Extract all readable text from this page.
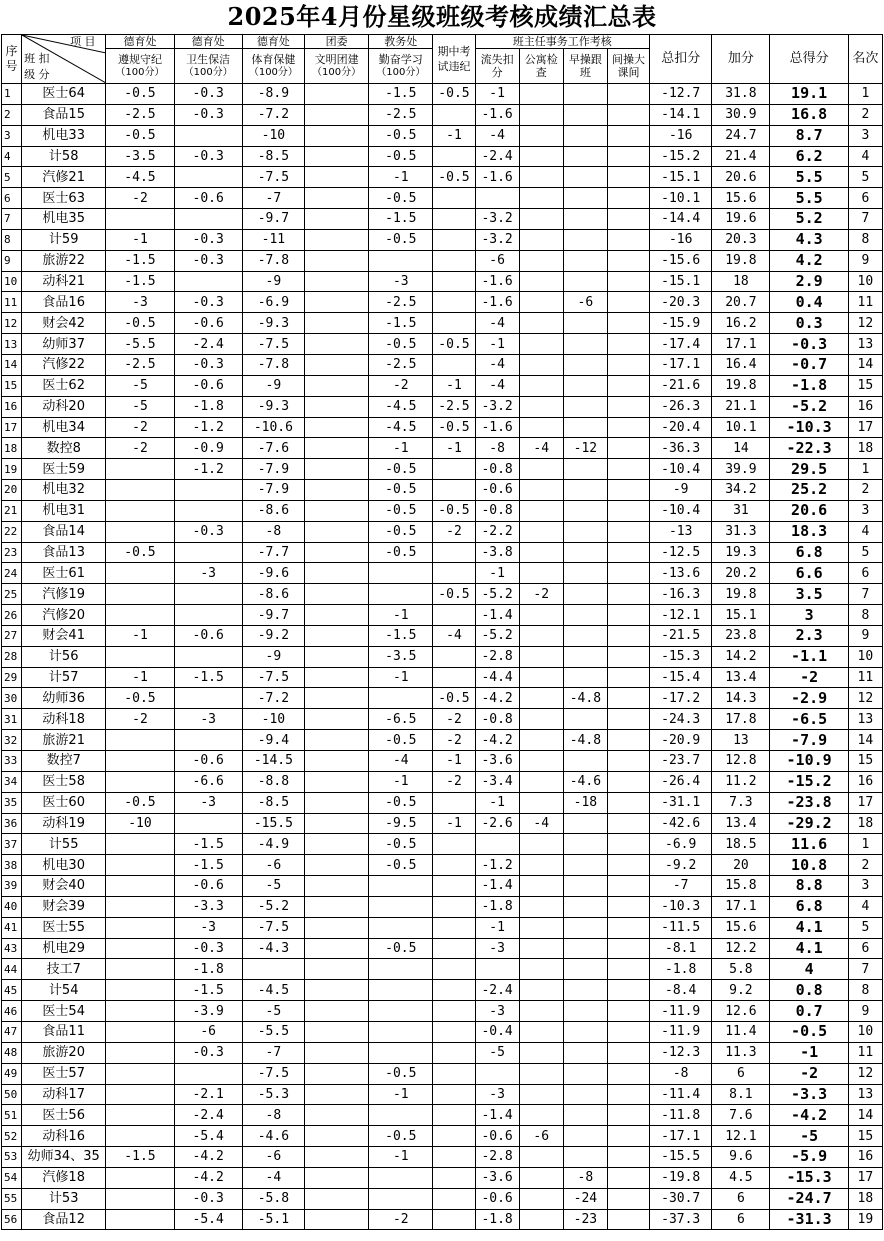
2025年4月份星级班级考核成绩汇总表
序号	项 目
班 扣
级 分	德育处	德育处	德育处	团委	教务处	期中考试违纪	班主任事务工作考核				总扣分	加分	总得分	名次
		遵规守纪
（100分）	卫生保洁
（100分）	体育保健
（100分）	文明团建
（100分）	勤奋学习
（100分）		流失扣分	公寓检查	早操跟班	间操大课间				
1	医士64	-0.5	-0.3	-8.9		-1.5	-0.5	-1				-12.7	31.8	19.1	1
2	食品15	-2.5	-0.3	-7.2		-2.5		-1.6				-14.1	30.9	16.8	2
3	机电33	-0.5		-10		-0.5	-1	-4				-16	24.7	8.7	3
4	计58	-3.5	-0.3	-8.5		-0.5		-2.4				-15.2	21.4	6.2	4
5	汽修21	-4.5		-7.5		-1	-0.5	-1.6				-15.1	20.6	5.5	5
6	医士63	-2	-0.6	-7		-0.5						-10.1	15.6	5.5	6
7	机电35			-9.7		-1.5		-3.2				-14.4	19.6	5.2	7
8	计59	-1	-0.3	-11		-0.5		-3.2				-16	20.3	4.3	8
9	旅游22	-1.5	-0.3	-7.8				-6				-15.6	19.8	4.2	9
10	动科21	-1.5		-9		-3		-1.6				-15.1	18	2.9	10
11	食品16	-3	-0.3	-6.9		-2.5		-1.6		-6		-20.3	20.7	0.4	11
12	财会42	-0.5	-0.6	-9.3		-1.5		-4				-15.9	16.2	0.3	12
13	幼师37	-5.5	-2.4	-7.5		-0.5	-0.5	-1				-17.4	17.1	-0.3	13
14	汽修22	-2.5	-0.3	-7.8		-2.5		-4				-17.1	16.4	-0.7	14
15	医士62	-5	-0.6	-9		-2	-1	-4				-21.6	19.8	-1.8	15
16	动科20	-5	-1.8	-9.3		-4.5	-2.5	-3.2				-26.3	21.1	-5.2	16
17	机电34	-2	-1.2	-10.6		-4.5	-0.5	-1.6				-20.4	10.1	-10.3	17
18	数控8	-2	-0.9	-7.6		-1	-1	-8	-4	-12		-36.3	14	-22.3	18
19	医士59		-1.2	-7.9		-0.5		-0.8				-10.4	39.9	29.5	1
20	机电32			-7.9		-0.5		-0.6				-9	34.2	25.2	2
21	机电31			-8.6		-0.5	-0.5	-0.8				-10.4	31	20.6	3
22	食品14		-0.3	-8		-0.5	-2	-2.2				-13	31.3	18.3	4
23	食品13	-0.5		-7.7		-0.5		-3.8				-12.5	19.3	6.8	5
24	医士61		-3	-9.6				-1				-13.6	20.2	6.6	6
25	汽修19			-8.6			-0.5	-5.2	-2			-16.3	19.8	3.5	7
26	汽修20			-9.7		-1		-1.4				-12.1	15.1	3	8
27	财会41	-1	-0.6	-9.2		-1.5	-4	-5.2				-21.5	23.8	2.3	9
28	计56			-9		-3.5		-2.8				-15.3	14.2	-1.1	10
29	计57	-1	-1.5	-7.5		-1		-4.4				-15.4	13.4	-2	11
30	幼师36	-0.5		-7.2			-0.5	-4.2		-4.8		-17.2	14.3	-2.9	12
31	动科18	-2	-3	-10		-6.5	-2	-0.8				-24.3	17.8	-6.5	13
32	旅游21			-9.4		-0.5	-2	-4.2		-4.8		-20.9	13	-7.9	14
33	数控7		-0.6	-14.5		-4	-1	-3.6				-23.7	12.8	-10.9	15
34	医士58		-6.6	-8.8		-1	-2	-3.4		-4.6		-26.4	11.2	-15.2	16
35	医士60	-0.5	-3	-8.5		-0.5		-1		-18		-31.1	7.3	-23.8	17
36	动科19	-10		-15.5		-9.5	-1	-2.6	-4			-42.6	13.4	-29.2	18
37	计55		-1.5	-4.9		-0.5						-6.9	18.5	11.6	1
38	机电30		-1.5	-6		-0.5		-1.2				-9.2	20	10.8	2
39	财会40		-0.6	-5				-1.4				-7	15.8	8.8	3
40	财会39		-3.3	-5.2				-1.8				-10.3	17.1	6.8	4
41	医士55		-3	-7.5				-1				-11.5	15.6	4.1	5
43	机电29		-0.3	-4.3		-0.5		-3				-8.1	12.2	4.1	6
44	技工7		-1.8									-1.8	5.8	4	7
45	计54		-1.5	-4.5				-2.4				-8.4	9.2	0.8	8
46	医士54		-3.9	-5				-3				-11.9	12.6	0.7	9
47	食品11		-6	-5.5				-0.4				-11.9	11.4	-0.5	10
48	旅游20		-0.3	-7				-5				-12.3	11.3	-1	11
49	医士57			-7.5		-0.5						-8	6	-2	12
50	动科17		-2.1	-5.3		-1		-3				-11.4	8.1	-3.3	13
51	医士56		-2.4	-8				-1.4				-11.8	7.6	-4.2	14
52	动科16		-5.4	-4.6		-0.5		-0.6	-6			-17.1	12.1	-5	15
53	幼师34、35	-1.5	-4.2	-6		-1		-2.8				-15.5	9.6	-5.9	16
54	汽修18		-4.2	-4				-3.6		-8		-19.8	4.5	-15.3	17
55	计53		-0.3	-5.8				-0.6		-24		-30.7	6	-24.7	18
56	食品12		-5.4	-5.1		-2		-1.8		-23		-37.3	6	-31.3	19
